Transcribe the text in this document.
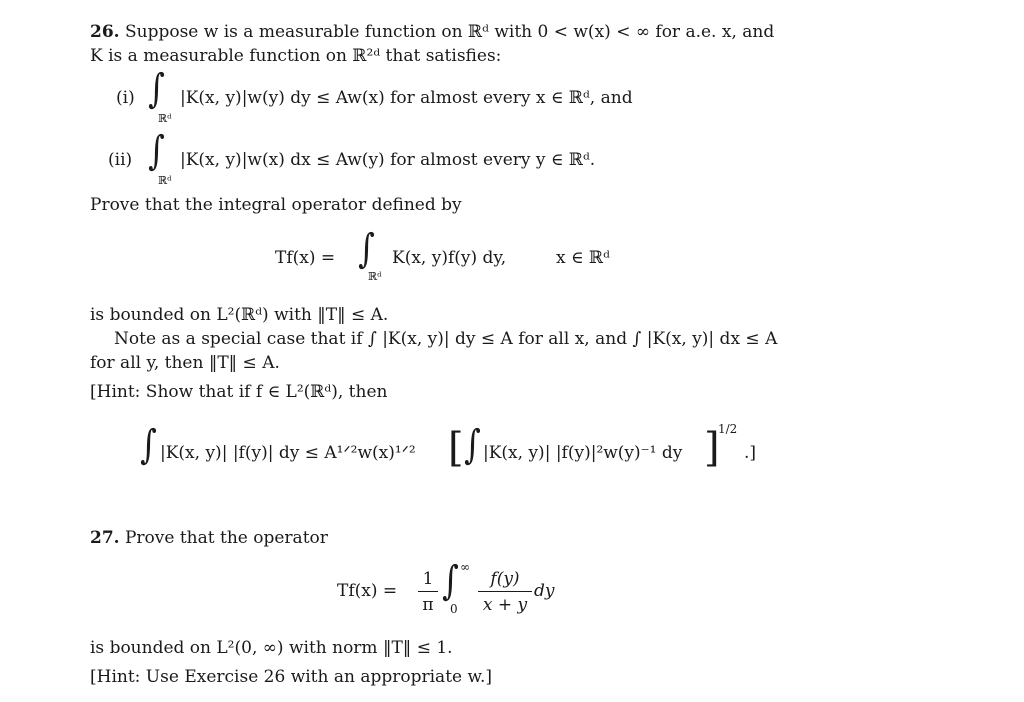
26. Suppose w is a measurable function on ℝᵈ with 0 < w(x) < ∞ for a.e. x, and
K is a measurable function on ℝ²ᵈ that satisfies:
(i) ∫
ℝᵈ
|K(x, y)|w(y) dy ≤ Aw(x) for almost every x ∈ ℝᵈ, and
(ii) ∫
ℝᵈ
|K(x, y)|w(x) dx ≤ Aw(y) for almost every y ∈ ℝᵈ.
Prove that the integral operator defined by
Tf(x) = ∫
ℝᵈ
K(x, y)f(y) dy,	x ∈ ℝᵈ
is bounded on L²(ℝᵈ) with ‖T‖ ≤ A.
Note as a special case that if ∫ |K(x, y)| dy ≤ A for all x, and ∫ |K(x, y)| dx ≤ A
for all y, then ‖T‖ ≤ A.
[Hint: Show that if f ∈ L²(ℝᵈ), then
∫ |K(x, y)| |f(y)| dy ≤ A¹ᐟ²w(x)¹ᐟ² [ ∫ |K(x, y)| |f(y)|²w(y)⁻¹ dy ]
1/2
.]
27. Prove that the operator
Tf(x) =
1
π
∫ ∞
0
f(y)
x + y
dy
is bounded on L²(0, ∞) with norm ‖T‖ ≤ 1.
[Hint: Use Exercise 26 with an appropriate w.]
